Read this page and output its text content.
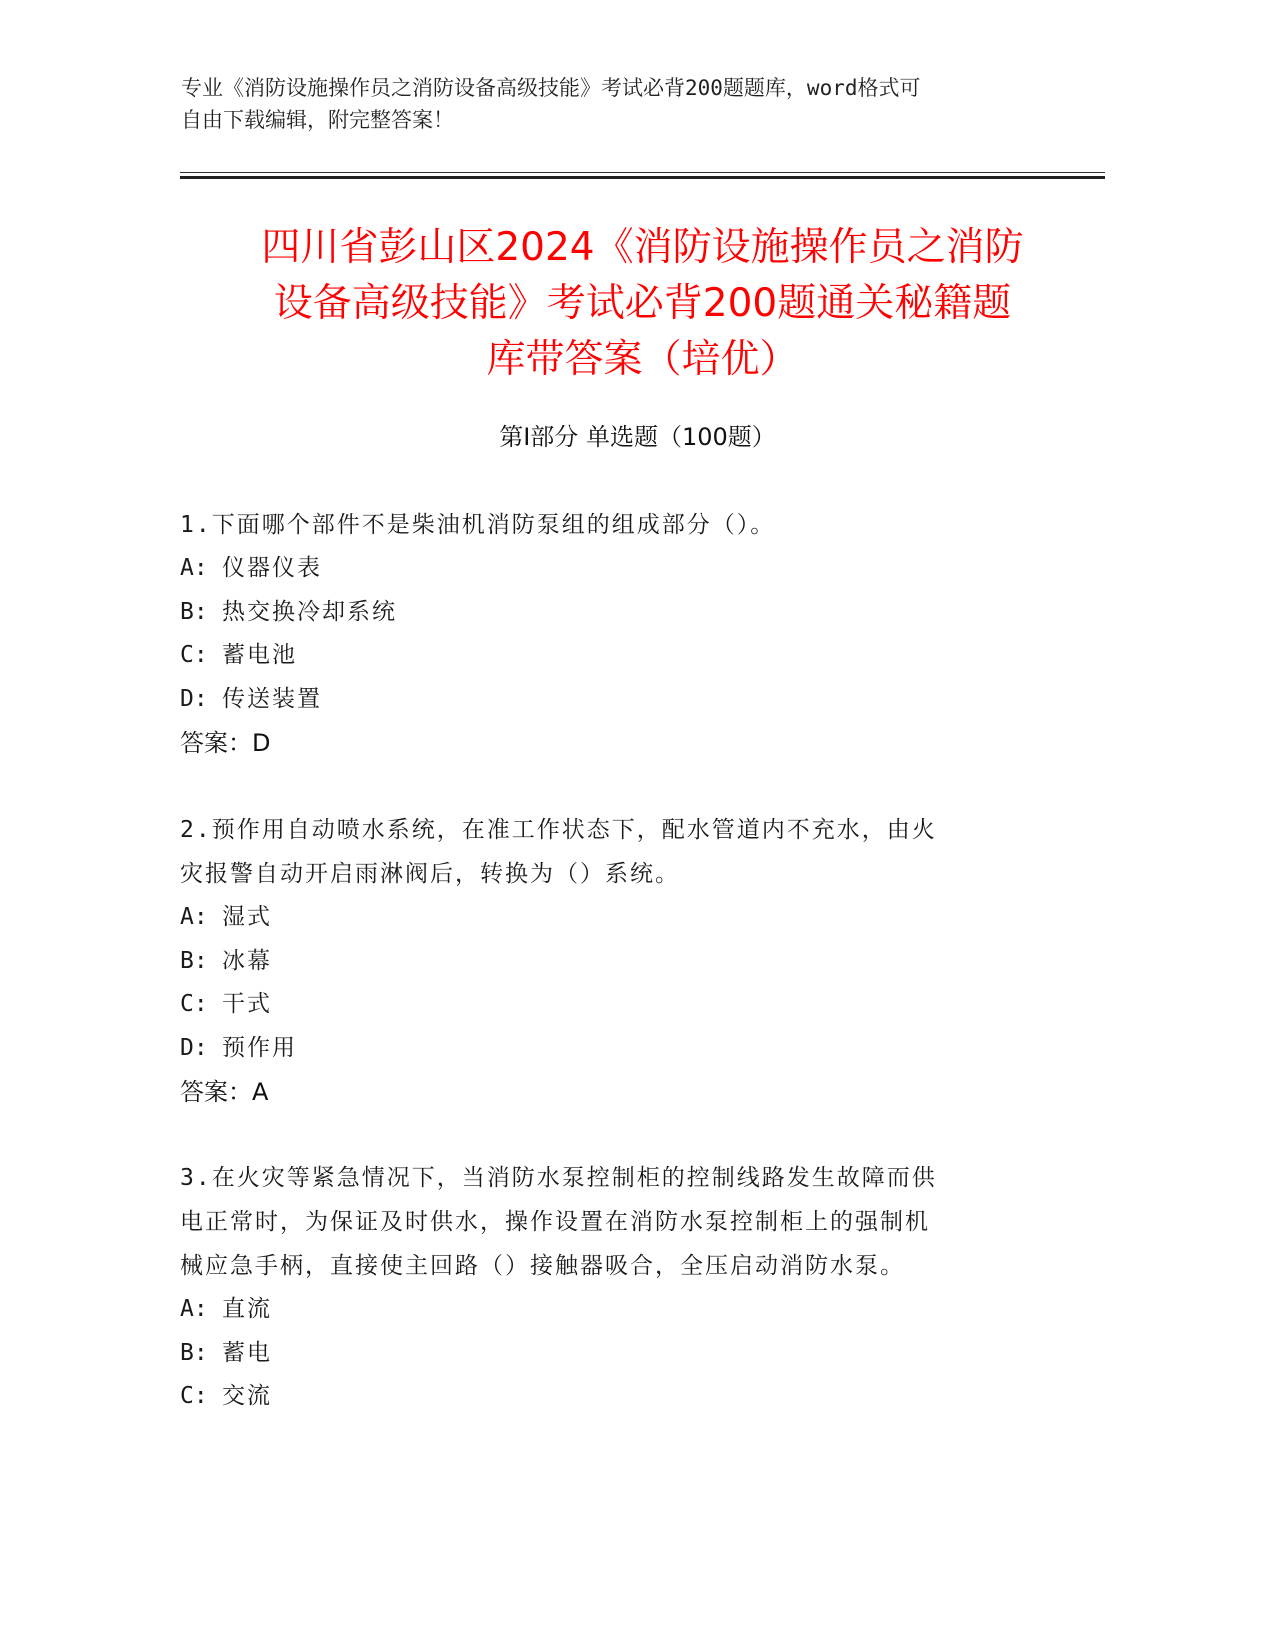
专业《消防设施操作员之消防设备高级技能》考试必背200题题库，word格式可
自由下载编辑，附完整答案！
四川省彭山区2024《消防设施操作员之消防
设备高级技能》考试必背200题通关秘籍题
库带答案（培优）
第Ⅰ部分 单选题（100题）
1.下面哪个部件不是柴油机消防泵组的组成部分（）。
A: 仪器仪表
B: 热交换冷却系统
C: 蓄电池
D: 传送装置
答案：D
2.预作用自动喷水系统，在准工作状态下，配水管道内不充水，由火
灾报警自动开启雨淋阀后，转换为（）系统。
A: 湿式
B: 冰幕
C: 干式
D: 预作用
答案：A
3.在火灾等紧急情况下，当消防水泵控制柜的控制线路发生故障而供
电正常时，为保证及时供水，操作设置在消防水泵控制柜上的强制机
械应急手柄，直接使主回路（）接触器吸合，全压启动消防水泵。
A: 直流
B: 蓄电
C: 交流
